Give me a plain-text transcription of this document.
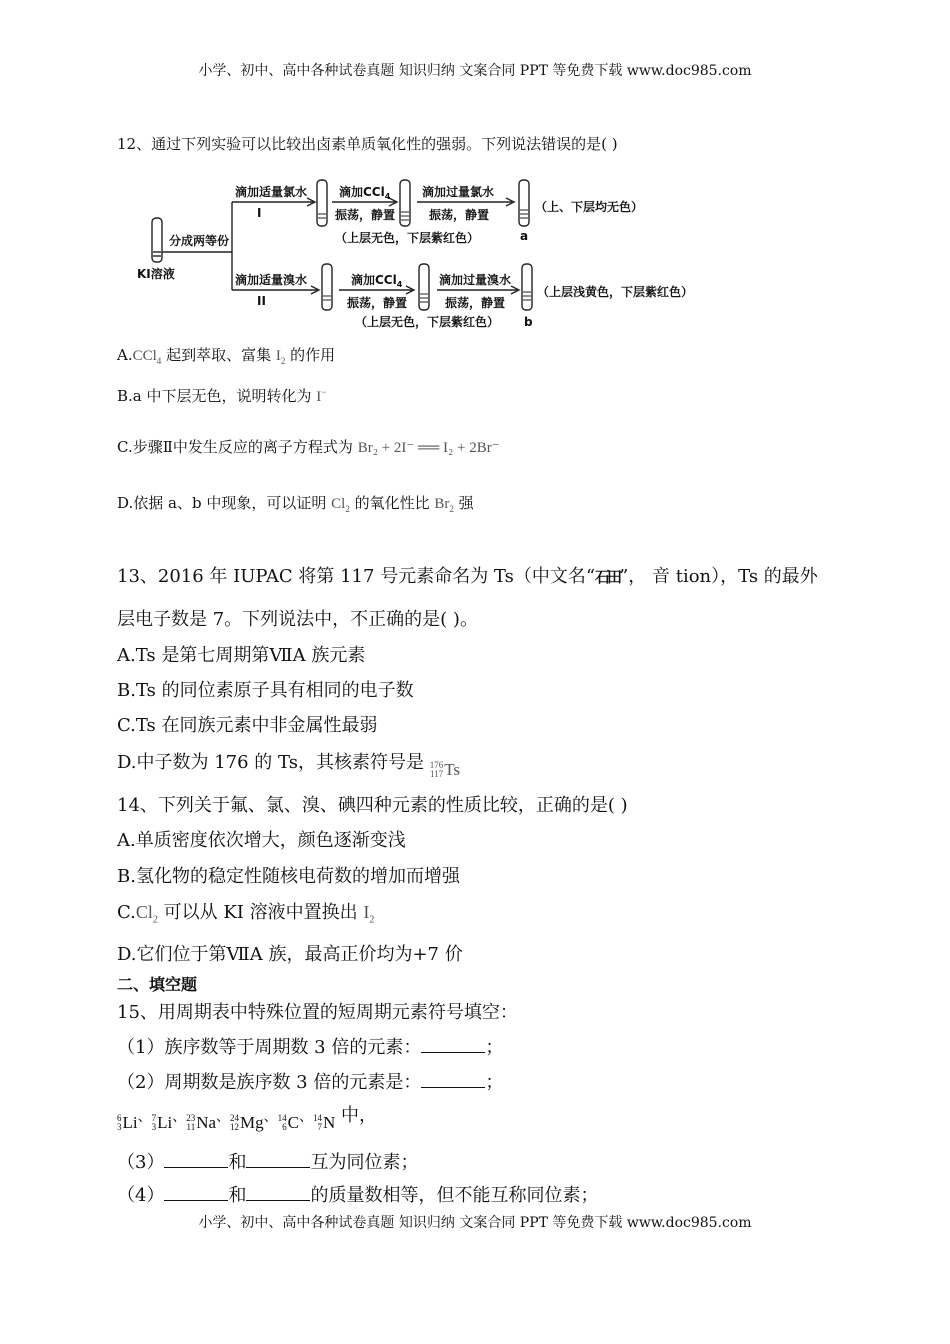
小学、初中、高中各种试卷真题 知识归纳 文案合同 PPT 等免费下载 www.doc985.com
12、通过下列实验可以比较出卤素单质氧化性的强弱。下列说法错误的是( )
分成两等份
KI溶液
滴加适量氯水
I
滴加CCl$_4$
振荡，静置
滴加过量氯水
振荡，静置
（上、下层均无色）
（上层无色，下层紫红色）	a
滴加适量溴水
II
滴加CCl$_4$
振荡，静置
滴加过量溴水
振荡，静置
（上层浅黄色，下层紫红色）
（上层无色，下层紫红色） b
A.CCl$_4$ 起到萃取、富集 $I_2$ 的作用
B.a 中下层无色，说明转化为 I−
C.步骤Ⅱ中发生反应的离子方程式为 Br₂ + 2I⁻ ══ I₂ + 2Br⁻
D.依据 a、b 中现象，可以证明 $Cl_2$ 的氧化性比 $Br_2$ 强
13、2016 年 IUPAC 将第 117 号元素命名为 Ts（中文名“石田”， 音 tion），Ts 的最外
层电子数是 7。下列说法中，不正确的是( )。
A.Ts 是第七周期第ⅦA 族元素
B.Ts 的同位素原子具有相同的电子数
C.Ts 在同族元素中非金属性最弱
D.中子数为 176 的 Ts，其核素符号是 176
117 Ts
14、下列关于氟、氯、溴、碘四种元素的性质比较，正确的是( )
A.单质密度依次增大，颜色逐渐变浅
B.氢化物的稳定性随核电荷数的增加而增强
$C.Cl_2$ 可以从 KI 溶液中置换出 $I_2$
D.它们位于第ⅦA 族，最高正价均为+7 价
二、填空题
15、用周期表中特殊位置的短周期元素符号填空：
（1）族序数等于周期数 3 倍的元素：	；
（2）周期数是族序数 3 倍的元素是：	；
6
3 Li 、 7
3 Li 、 23
11 Na 、 24
12 Mg 、 14
6 C 、 14
7 N 中，
（3）	和	互为同位素；
（4）	和	的质量数相等，但不能互称同位素；
小学、初中、高中各种试卷真题 知识归纳 文案合同 PPT 等免费下载 www.doc985.com
